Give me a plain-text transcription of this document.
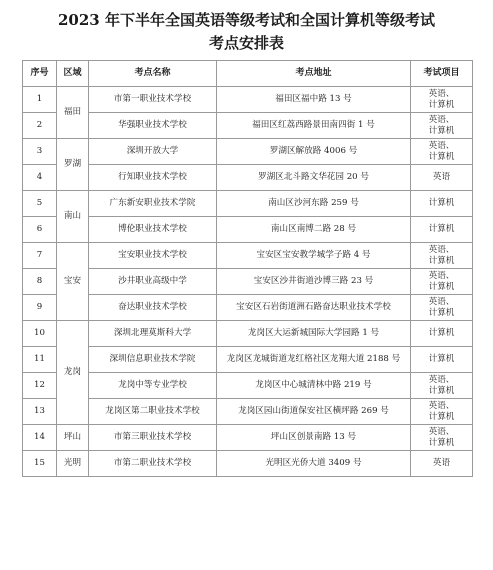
2023 年下半年全国英语等级考试和全国计算机等级考试
考点安排表
序号	区域	考点名称	考点地址	考试项目
1	福田	市第一职业技术学校	福田区福中路 13 号	英语、
计算机
2		华强职业技术学校	福田区红荔西路景田南四街 1 号	英语、
计算机
3	罗湖	深圳开放大学	罗湖区解放路 4006 号	英语、
计算机
4		行知职业技术学校	罗湖区北斗路文华花园 20 号	英语
5	南山	广东新安职业技术学院	南山区沙河东路 259 号	计算机
6		博伦职业技术学校	南山区南博二路 28 号	计算机
7	宝安	宝安职业技术学校	宝安区宝安教学城学子路 4 号	英语、
计算机
8		沙井职业高级中学	宝安区沙井街道沙博三路 23 号	英语、
计算机
9		奋达职业技术学校	宝安区石岩街道洲石路奋达职业技术学校	英语、
计算机
10	龙岗	深圳北理莫斯科大学	龙岗区大运新城国际大学园路 1 号	计算机
11		深圳信息职业技术学院	龙岗区龙城街道龙红格社区龙翔大道 2188 号	计算机
12		龙岗中等专业学校	龙岗区中心城清林中路 219 号	英语、
计算机
13		龙岗区第二职业技术学校	龙岗区园山街道保安社区横坪路 269 号	英语、
计算机
14	坪山	市第三职业技术学校	坪山区创景南路 13 号	英语、
计算机
15	光明	市第二职业技术学校	光明区光侨大道 3409 号	英语
